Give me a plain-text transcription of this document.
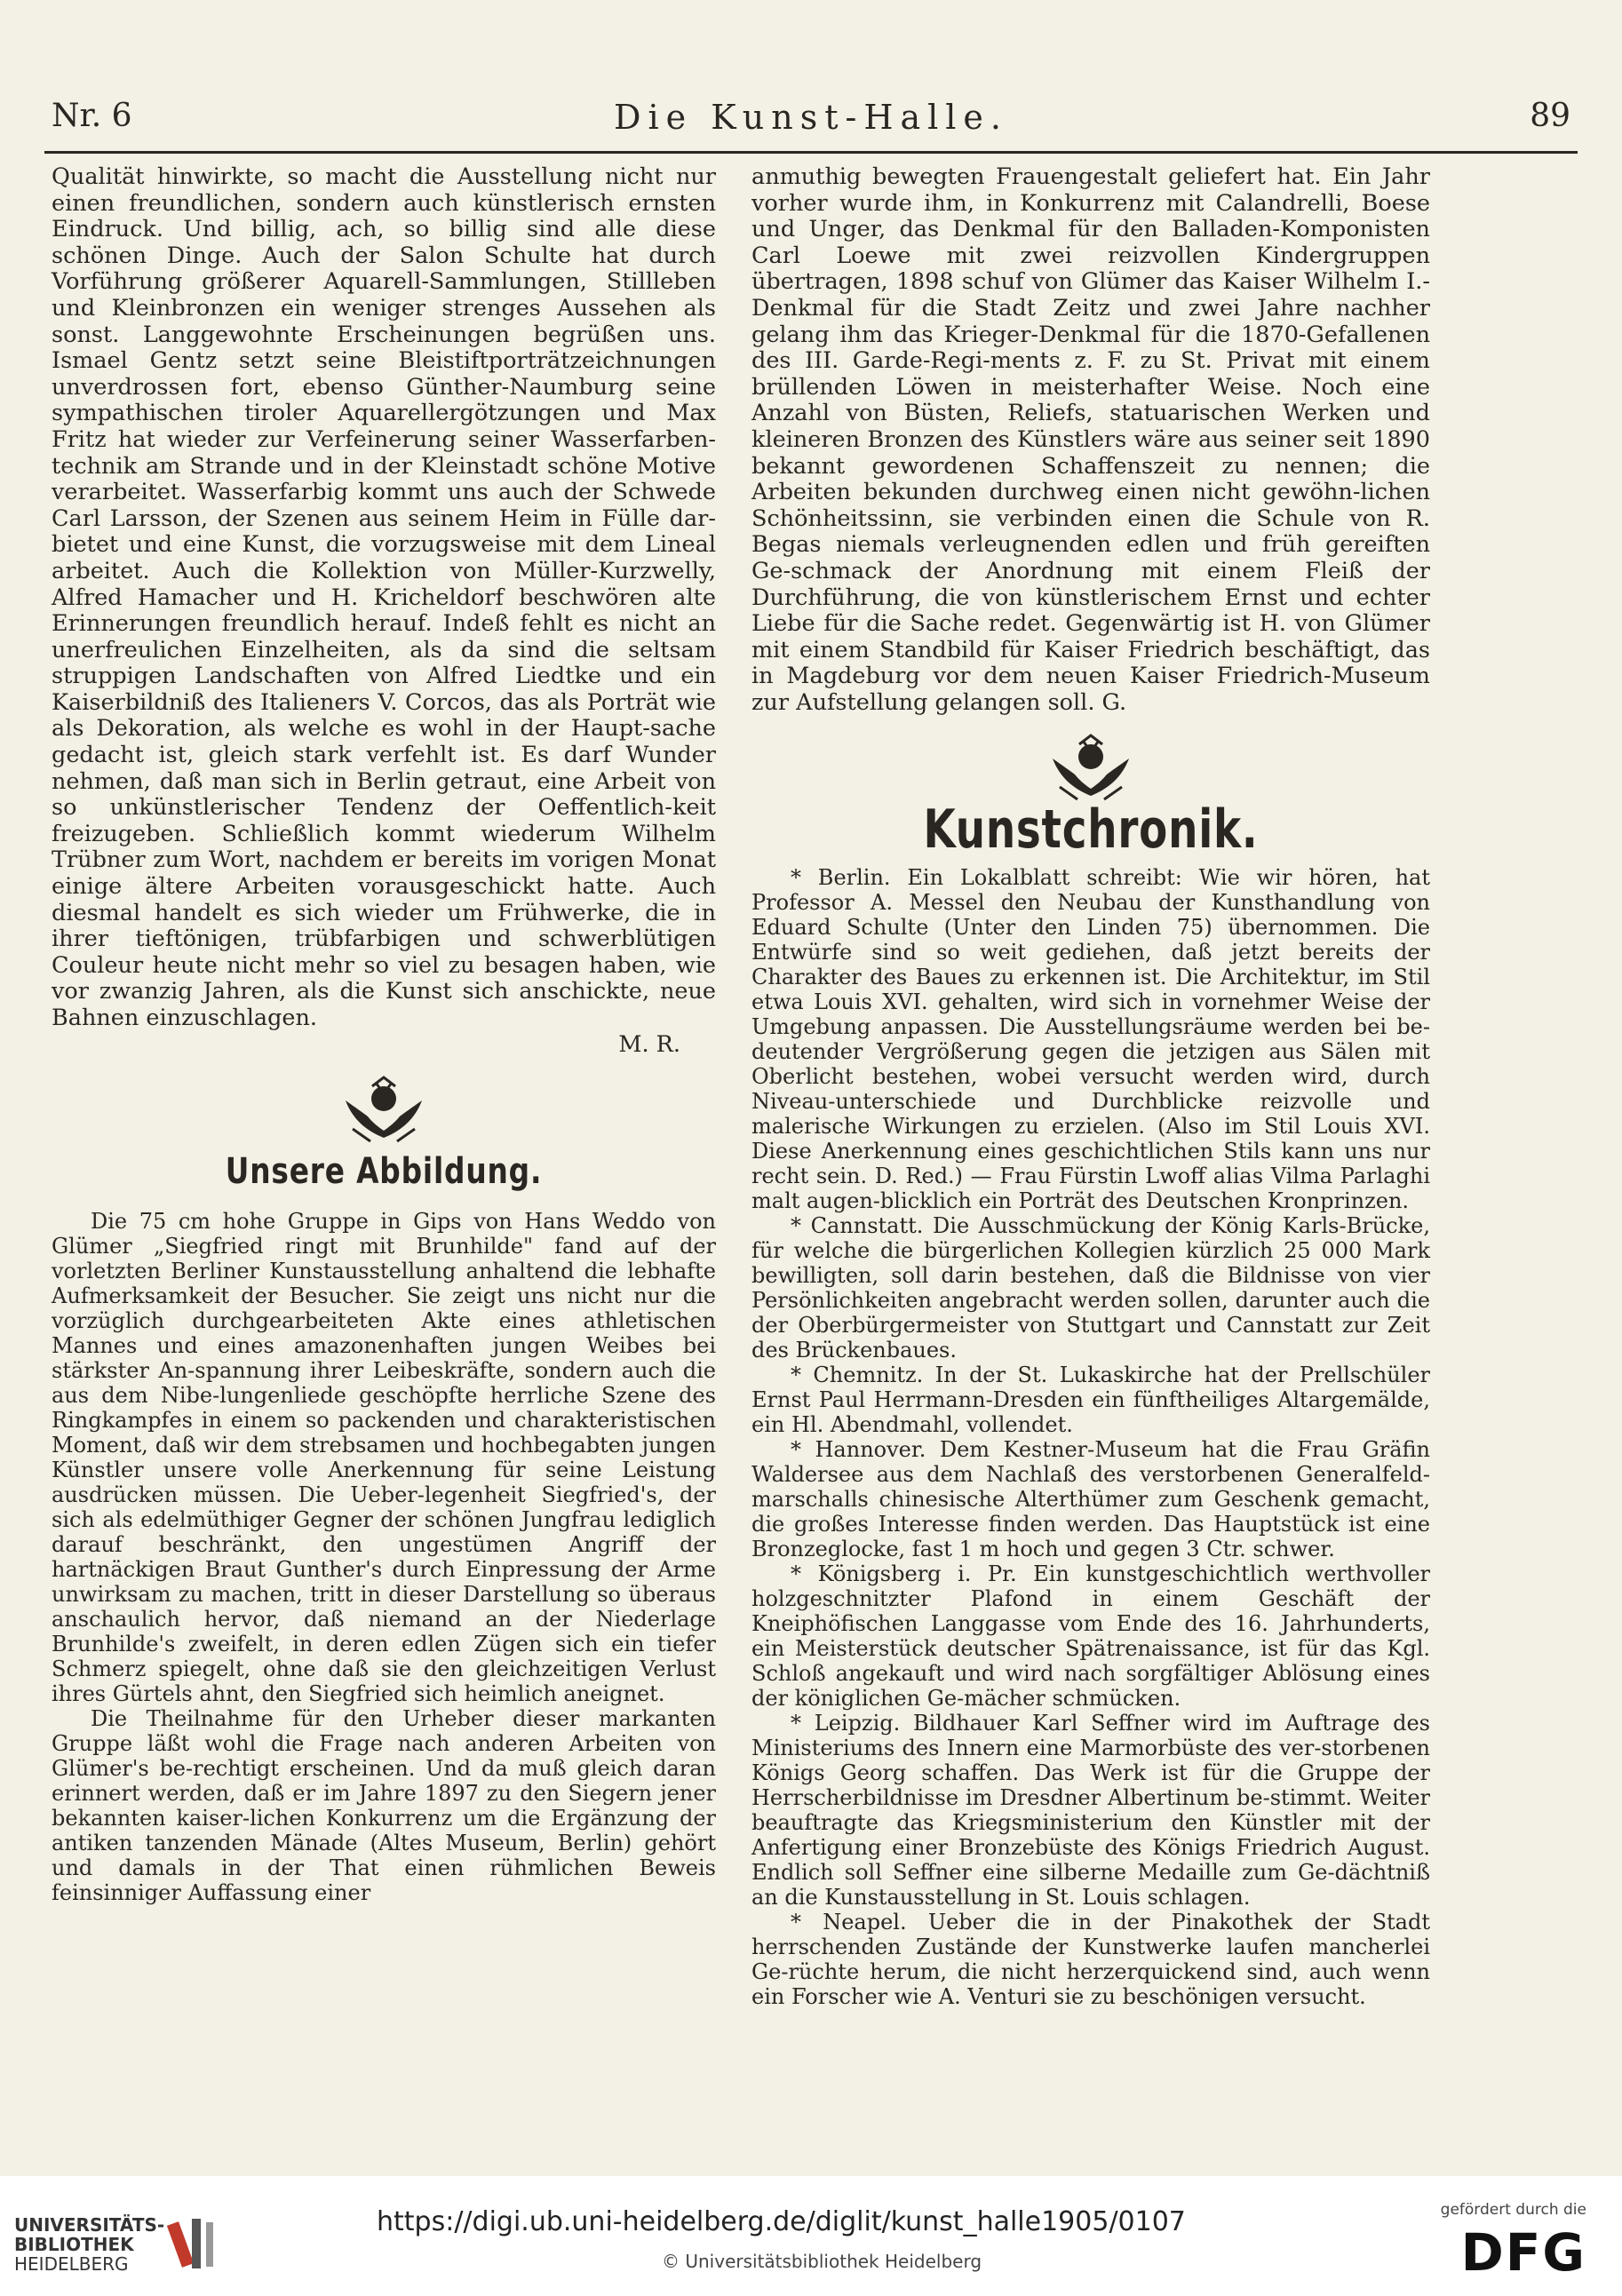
Nr. 6	Die Kunst-Halle.	89

Qualität hinwirkte, so macht die Ausstellung nicht nur einen freundlichen, sondern auch künstlerisch ernsten Eindruck. Und billig, ach, so billig sind alle diese schönen Dinge. Auch der Salon Schulte hat durch Vorführung größerer Aquarell-Sammlungen, Stillleben und Kleinbronzen ein weniger strenges Aussehen als sonst. Langgewohnte Erscheinungen begrüßen uns. Ismael Gentz setzt seine Bleistiftporträtzeichnungen unverdrossen fort, ebenso Günther-Naumburg seine sympathischen tiroler Aquarellergötzungen und Max Fritz hat wieder zur Verfeinerung seiner Wasserfarben-technik am Strande und in der Kleinstadt schöne Motive verarbeitet. Wasserfarbig kommt uns auch der Schwede Carl Larsson, der Szenen aus seinem Heim in Fülle dar-bietet und eine Kunst, die vorzugsweise mit dem Lineal arbeitet. Auch die Kollektion von Müller-Kurzwelly, Alfred Hamacher und H. Kricheldorf beschwören alte Erinnerungen freundlich herauf. Indeß fehlt es nicht an unerfreulichen Einzelheiten, als da sind die seltsam struppigen Landschaften von Alfred Liedtke und ein Kaiserbildniß des Italieners V. Corcos, das als Porträt wie als Dekoration, als welche es wohl in der Haupt-sache gedacht ist, gleich stark verfehlt ist. Es darf Wunder nehmen, daß man sich in Berlin getraut, eine Arbeit von so unkünstlerischer Tendenz der Oeffentlich-keit freizugeben. Schließlich kommt wiederum Wilhelm Trübner zum Wort, nachdem er bereits im vorigen Monat einige ältere Arbeiten vorausgeschickt hatte. Auch diesmal handelt es sich wieder um Frühwerke, die in ihrer tieftönigen, trübfarbigen und schwerblütigen Couleur heute nicht mehr so viel zu besagen haben, wie vor zwanzig Jahren, als die Kunst sich anschickte, neue Bahnen einzuschlagen.

M. R.

Unsere Abbildung.

Die 75 cm hohe Gruppe in Gips von Hans Weddo von Glümer „Siegfried ringt mit Brunhilde" fand auf der vorletzten Berliner Kunstausstellung anhaltend die lebhafte Aufmerksamkeit der Besucher. Sie zeigt uns nicht nur die vorzüglich durchgearbeiteten Akte eines athletischen Mannes und eines amazonenhaften jungen Weibes bei stärkster An-spannung ihrer Leibeskräfte, sondern auch die aus dem Nibe-lungenliede geschöpfte herrliche Szene des Ringkampfes in einem so packenden und charakteristischen Moment, daß wir dem strebsamen und hochbegabten jungen Künstler unsere volle Anerkennung für seine Leistung ausdrücken müssen. Die Ueber-legenheit Siegfried's, der sich als edelmüthiger Gegner der schönen Jungfrau lediglich darauf beschränkt, den ungestümen Angriff der hartnäckigen Braut Gunther's durch Einpressung der Arme unwirksam zu machen, tritt in dieser Darstellung so überaus anschaulich hervor, daß niemand an der Niederlage Brunhilde's zweifelt, in deren edlen Zügen sich ein tiefer Schmerz spiegelt, ohne daß sie den gleichzeitigen Verlust ihres Gürtels ahnt, den Siegfried sich heimlich aneignet.

Die Theilnahme für den Urheber dieser markanten Gruppe läßt wohl die Frage nach anderen Arbeiten von Glümer's be-rechtigt erscheinen. Und da muß gleich daran erinnert werden, daß er im Jahre 1897 zu den Siegern jener bekannten kaiser-lichen Konkurrenz um die Ergänzung der antiken tanzenden Mänade (Altes Museum, Berlin) gehört und damals in der That einen rühmlichen Beweis feinsinniger Auffassung einer

anmuthig bewegten Frauengestalt geliefert hat. Ein Jahr vorher wurde ihm, in Konkurrenz mit Calandrelli, Boese und Unger, das Denkmal für den Balladen-Komponisten Carl Loewe mit zwei reizvollen Kindergruppen übertragen, 1898 schuf von Glümer das Kaiser Wilhelm I.-Denkmal für die Stadt Zeitz und zwei Jahre nachher gelang ihm das Krieger-Denkmal für die 1870-Gefallenen des III. Garde-Regi-ments z. F. zu St. Privat mit einem brüllenden Löwen in meisterhafter Weise. Noch eine Anzahl von Büsten, Reliefs, statuarischen Werken und kleineren Bronzen des Künstlers wäre aus seiner seit 1890 bekannt gewordenen Schaffenszeit zu nennen; die Arbeiten bekunden durchweg einen nicht gewöhn-lichen Schönheitssinn, sie verbinden einen die Schule von R. Begas niemals verleugnenden edlen und früh gereiften Ge-schmack der Anordnung mit einem Fleiß der Durchführung, die von künstlerischem Ernst und echter Liebe für die Sache redet. Gegenwärtig ist H. von Glümer mit einem Standbild für Kaiser Friedrich beschäftigt, das in Magdeburg vor dem neuen Kaiser Friedrich-Museum zur Aufstellung gelangen soll. G.

Kunstchronik.

* Berlin. Ein Lokalblatt schreibt: Wie wir hören, hat Professor A. Messel den Neubau der Kunsthandlung von Eduard Schulte (Unter den Linden 75) übernommen. Die Entwürfe sind so weit gediehen, daß jetzt bereits der Charakter des Baues zu erkennen ist. Die Architektur, im Stil etwa Louis XVI. gehalten, wird sich in vornehmer Weise der Umgebung anpassen. Die Ausstellungsräume werden bei be-deutender Vergrößerung gegen die jetzigen aus Sälen mit Oberlicht bestehen, wobei versucht werden wird, durch Niveau-unterschiede und Durchblicke reizvolle und malerische Wirkungen zu erzielen. (Also im Stil Louis XVI. Diese Anerkennung eines geschichtlichen Stils kann uns nur recht sein. D. Red.) — Frau Fürstin Lwoff alias Vilma Parlaghi malt augen-blicklich ein Porträt des Deutschen Kronprinzen.

* Cannstatt. Die Ausschmückung der König Karls-Brücke, für welche die bürgerlichen Kollegien kürzlich 25 000 Mark bewilligten, soll darin bestehen, daß die Bildnisse von vier Persönlichkeiten angebracht werden sollen, darunter auch die der Oberbürgermeister von Stuttgart und Cannstatt zur Zeit des Brückenbaues.

* Chemnitz. In der St. Lukaskirche hat der Prellschüler Ernst Paul Herrmann-Dresden ein fünftheiliges Altargemälde, ein Hl. Abendmahl, vollendet.

* Hannover. Dem Kestner-Museum hat die Frau Gräfin Waldersee aus dem Nachlaß des verstorbenen Generalfeld-marschalls chinesische Alterthümer zum Geschenk gemacht, die großes Interesse finden werden. Das Hauptstück ist eine Bronzeglocke, fast 1 m hoch und gegen 3 Ctr. schwer.

* Königsberg i. Pr. Ein kunstgeschichtlich werthvoller holzgeschnitzter Plafond in einem Geschäft der Kneiphöfischen Langgasse vom Ende des 16. Jahrhunderts, ein Meisterstück deutscher Spätrenaissance, ist für das Kgl. Schloß angekauft und wird nach sorgfältiger Ablösung eines der königlichen Ge-mächer schmücken.

* Leipzig. Bildhauer Karl Seffner wird im Auftrage des Ministeriums des Innern eine Marmorbüste des ver-storbenen Königs Georg schaffen. Das Werk ist für die Gruppe der Herrscherbildnisse im Dresdner Albertinum be-stimmt. Weiter beauftragte das Kriegsministerium den Künstler mit der Anfertigung einer Bronzebüste des Königs Friedrich August. Endlich soll Seffner eine silberne Medaille zum Ge-dächtniß an die Kunstausstellung in St. Louis schlagen.

* Neapel. Ueber die in der Pinakothek der Stadt herrschenden Zustände der Kunstwerke laufen mancherlei Ge-rüchte herum, die nicht herzerquickend sind, auch wenn ein Forscher wie A. Venturi sie zu beschönigen versucht.

UNIVERSITÄTS-
BIBLIOTHEK
HEIDELBERG
https://digi.ub.uni-heidelberg.de/diglit/kunst_halle1905/0107
© Universitätsbibliothek Heidelberg
gefördert durch die
DFG
